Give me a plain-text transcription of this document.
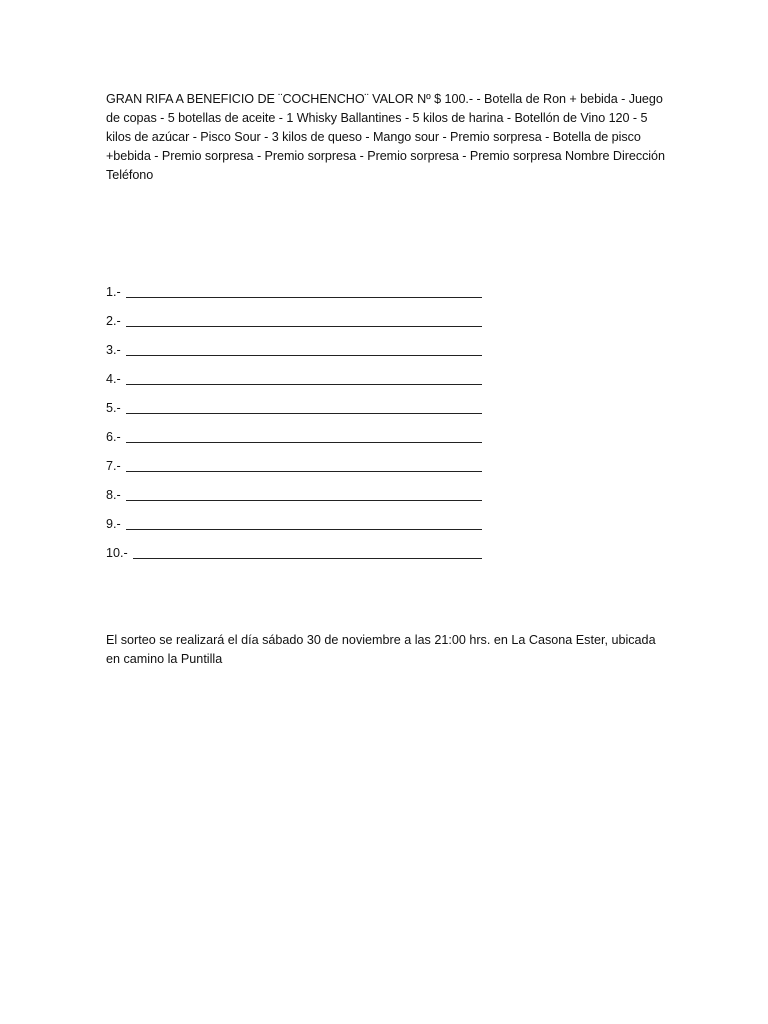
GRAN RIFA A BENEFICIO DE ¨COCHENCHO¨ VALOR Nº $ 100.- - Botella de Ron + bebida - Juego de copas - 5 botellas de aceite - 1 Whisky Ballantines - 5 kilos de harina - Botellón de Vino 120 - 5 kilos de azúcar - Pisco Sour - 3 kilos de queso - Mango sour - Premio sorpresa - Botella de pisco +bebida - Premio sorpresa - Premio sorpresa - Premio sorpresa - Premio sorpresa Nombre Dirección Teléfono

1.-
2.-
3.-
4.-
5.-
6.-
7.-
8.-
9.-
10.-

El sorteo se realizará el día sábado 30 de noviembre a las 21:00 hrs. en La Casona Ester, ubicada en camino la Puntilla
